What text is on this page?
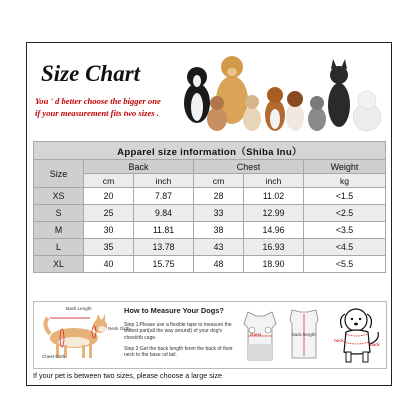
Size Chart
You ' d better choose the bigger one
if your measurement fits two sizes .
Apparel size information（Shiba Inu）					
Size	Back		Chest		Weight
	cm	inch	cm	inch	kg
XS	20	7.87	28	11.02	<1.5
S	25	9.84	33	12.99	<2.5
M	30	11.81	38	14.96	<3.5
L	35	13.78	43	16.93	<4.5
XL	40	15.75	48	18.90	<5.5
Back Length
Neck Girth
Chest Girth
How to Measure Your Dogs?
Step 1:Please use a flexible tape to measure the widest part(all the way around) of your dog's chest/rib cage.
Step 2:Get the back length feom the back of their neck to the base od tail.
chest	back length
neck
back
If your pet is between two sizes, please choose a large size
